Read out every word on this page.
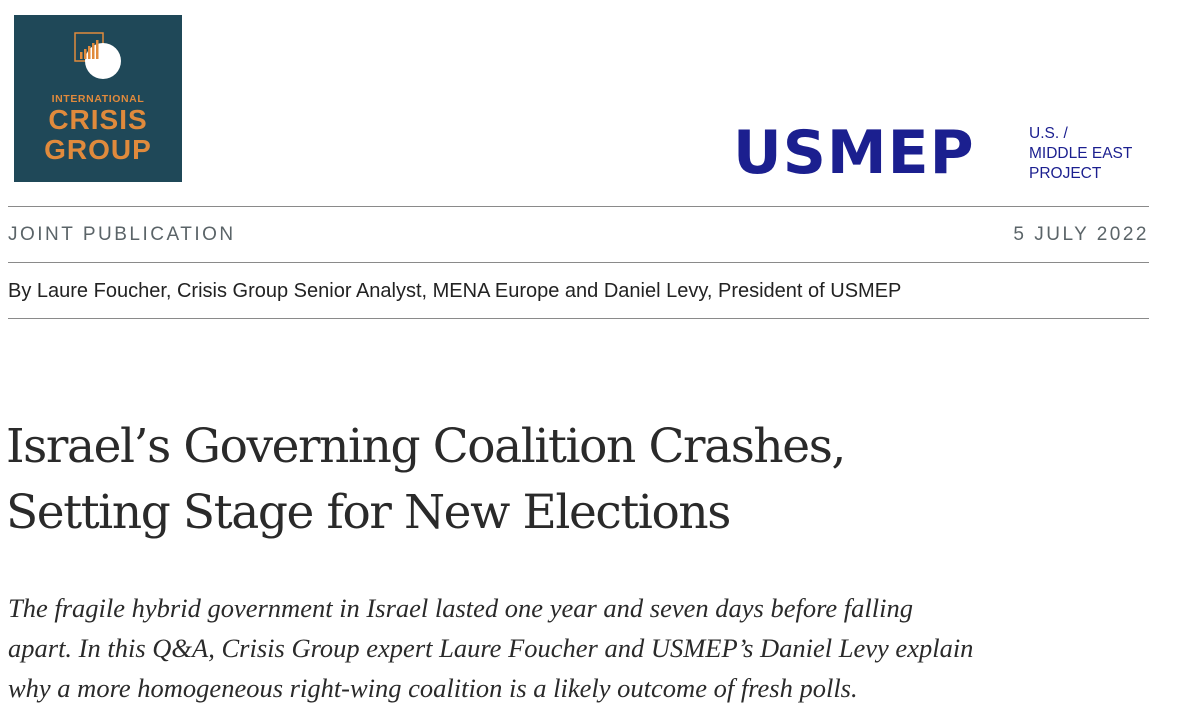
INTERNATIONAL
CRISIS
GROUP	USMEP	U.S. /
MIDDLE EAST
PROJECT
JOINT PUBLICATION	5 JULY 2022
By Laure Foucher, Crisis Group Senior Analyst, MENA Europe and Daniel Levy, President of USMEP
Israel’s Governing Coalition Crashes,
Setting Stage for New Elections

The fragile hybrid government in Israel lasted one year and seven days before falling
apart. In this Q&A, Crisis Group expert Laure Foucher and USMEP’s Daniel Levy explain
why a more homogeneous right-wing coalition is a likely outcome of fresh polls.
